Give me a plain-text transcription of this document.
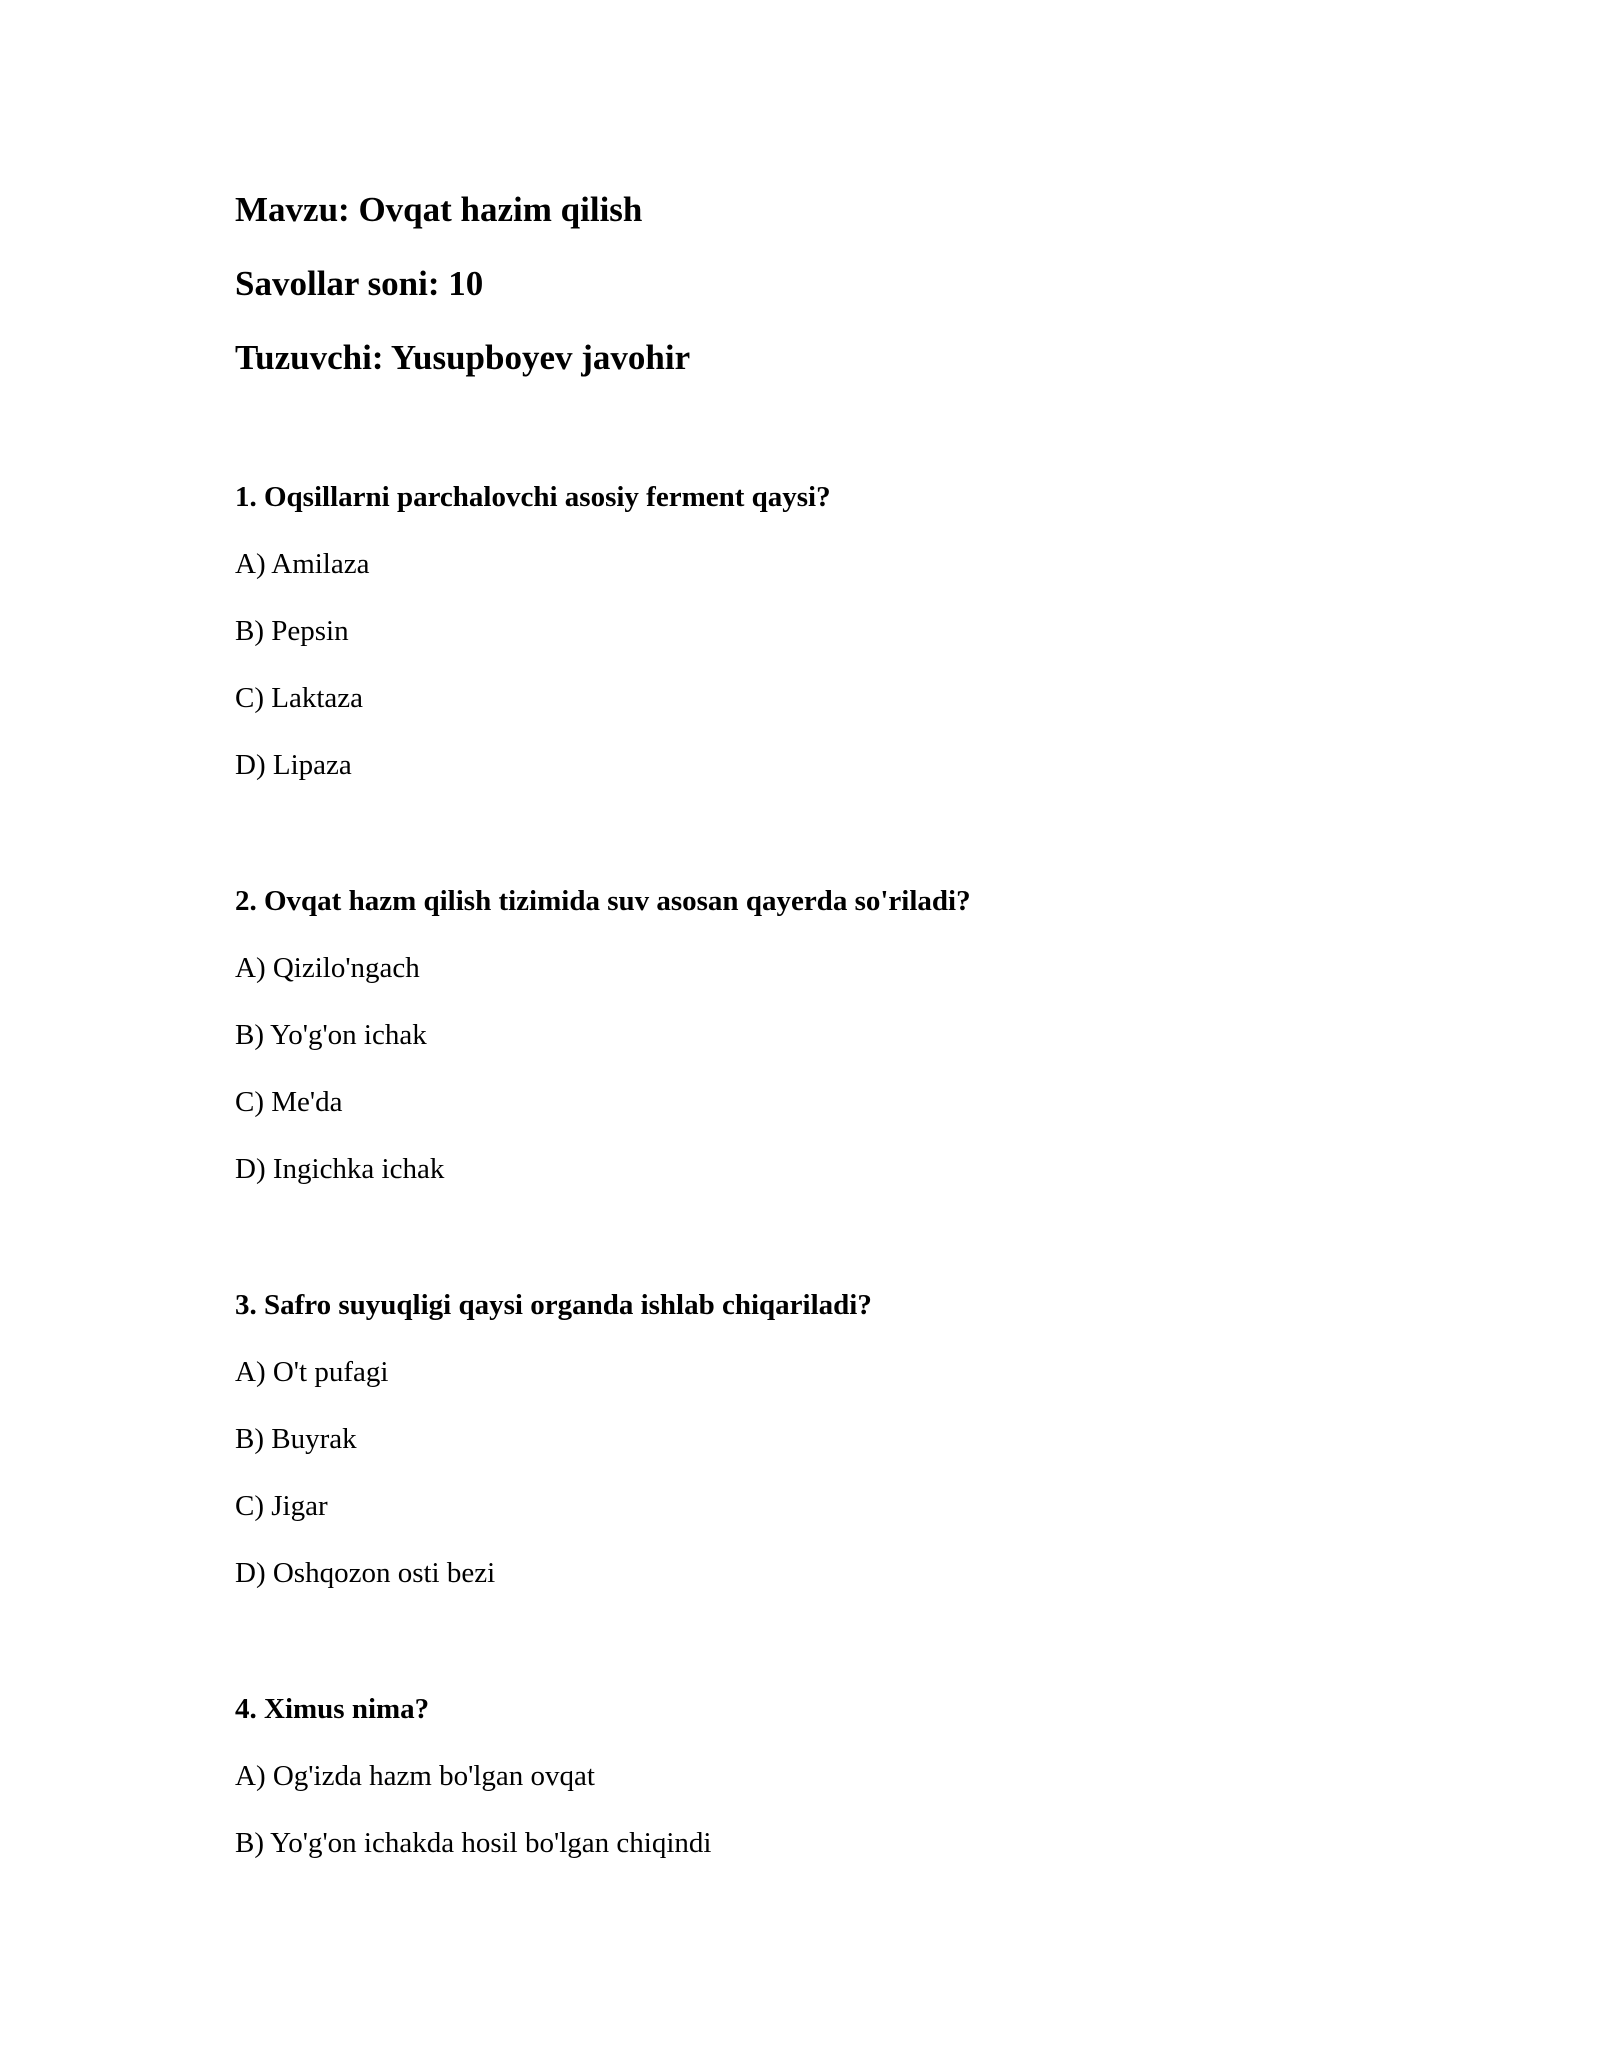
Mavzu: Ovqat hazim qilish
Savollar soni: 10
Tuzuvchi: Yusupboyev javohir
1. Oqsillarni parchalovchi asosiy ferment qaysi?
A) Amilaza
B) Pepsin
C) Laktaza
D) Lipaza
2. Ovqat hazm qilish tizimida suv asosan qayerda so'riladi?
A) Qizilo'ngach
B) Yo'g'on ichak
C) Me'da
D) Ingichka ichak
3. Safro suyuqligi qaysi organda ishlab chiqariladi?
A) O't pufagi
B) Buyrak
C) Jigar
D) Oshqozon osti bezi
4. Ximus nima?
A) Og'izda hazm bo'lgan ovqat
B) Yo'g'on ichakda hosil bo'lgan chiqindi
